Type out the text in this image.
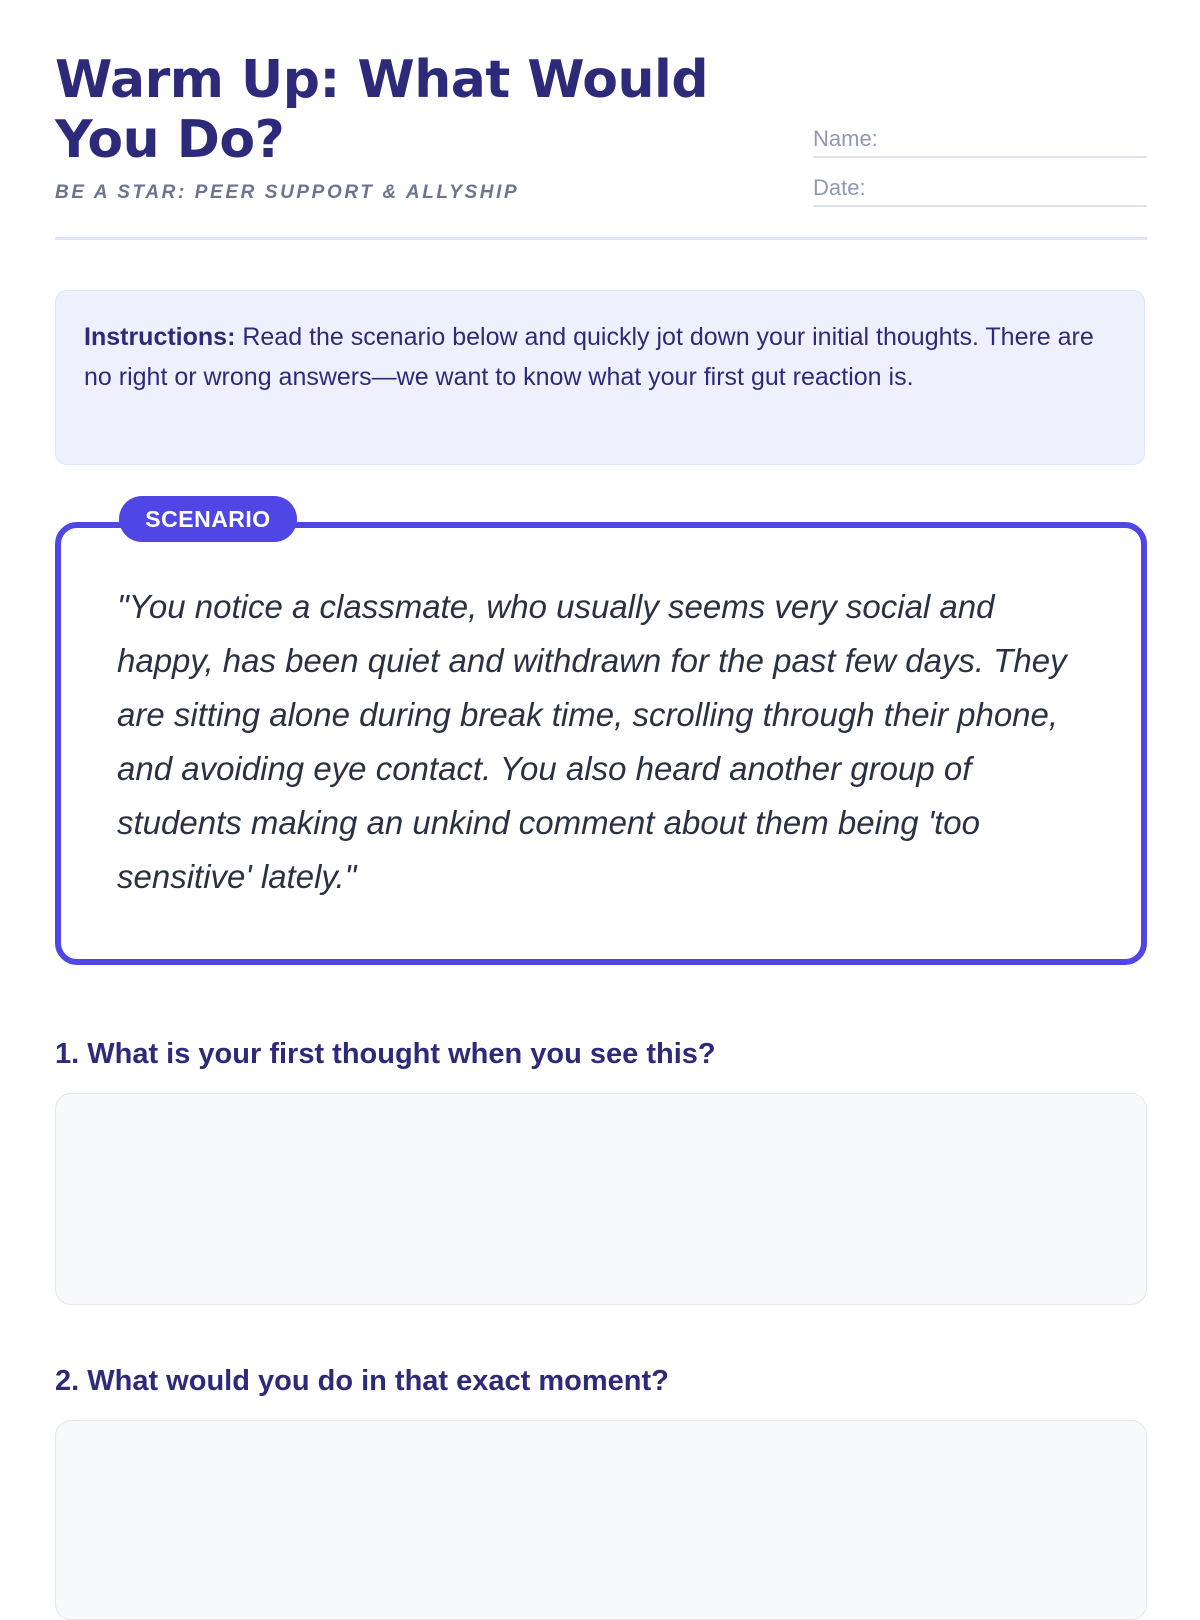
Warm Up: What Would You Do?
BE A STAR: PEER SUPPORT & ALLYSHIP
Name:
Date:
Instructions: Read the scenario below and quickly jot down your initial thoughts. There are no right or wrong answers—we want to know what your first gut reaction is.
SCENARIO

"You notice a classmate, who usually seems very social and happy, has been quiet and withdrawn for the past few days. They are sitting alone during break time, scrolling through their phone, and avoiding eye contact. You also heard another group of students making an unkind comment about them being 'too sensitive' lately."

1. What is your first thought when you see this?
2. What would you do in that exact moment?
